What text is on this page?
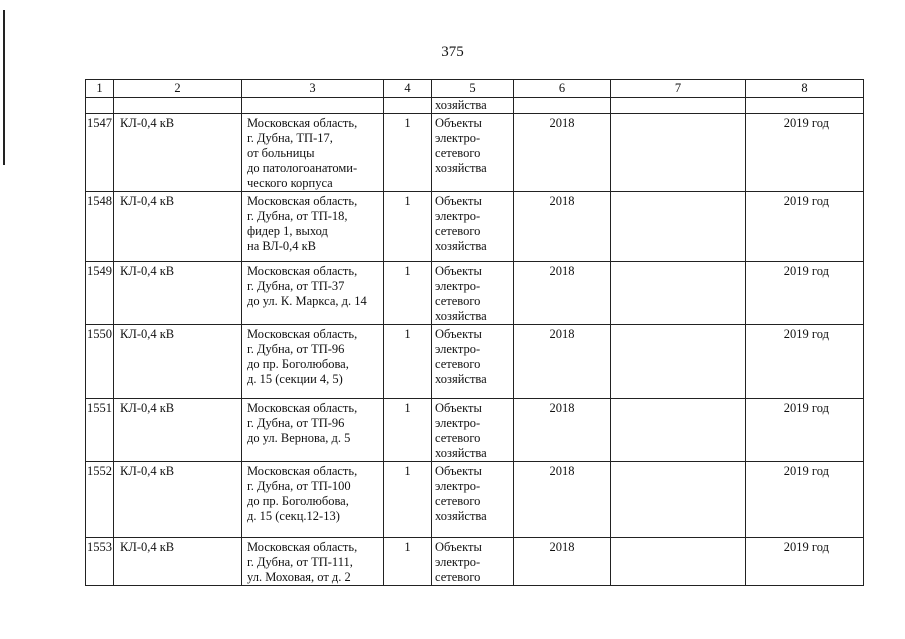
375
1	2	3	4	5	6	7	8
				хозяйства			
1547	КЛ-0,4 кВ	Московская область,
г. Дубна, ТП-17,
от больницы
до патологоанатоми-
ческого корпуса	1	Объекты
электро-
сетевого
хозяйства	2018		2019 год
1548	КЛ-0,4 кВ	Московская область,
г. Дубна, от ТП-18,
фидер 1, выход
на ВЛ-0,4 кВ	1	Объекты
электро-
сетевого
хозяйства	2018		2019 год
1549	КЛ-0,4 кВ	Московская область,
г. Дубна, от ТП-37
до ул. К. Маркса, д. 14	1	Объекты
электро-
сетевого
хозяйства	2018		2019 год
1550	КЛ-0,4 кВ	Московская область,
г. Дубна, от ТП-96
до пр. Боголюбова,
д. 15 (секции 4, 5)	1	Объекты
электро-
сетевого
хозяйства	2018		2019 год
1551	КЛ-0,4 кВ	Московская область,
г. Дубна, от ТП-96
до ул. Вернова, д. 5	1	Объекты
электро-
сетевого
хозяйства	2018		2019 год
1552	КЛ-0,4 кВ	Московская область,
г. Дубна, от ТП-100
до пр. Боголюбова,
д. 15 (секц.12-13)	1	Объекты
электро-
сетевого
хозяйства	2018		2019 год
1553	КЛ-0,4 кВ	Московская область,
г. Дубна, от ТП-111,
ул. Моховая, от д. 2	1	Объекты
электро-
сетевого	2018		2019 год
